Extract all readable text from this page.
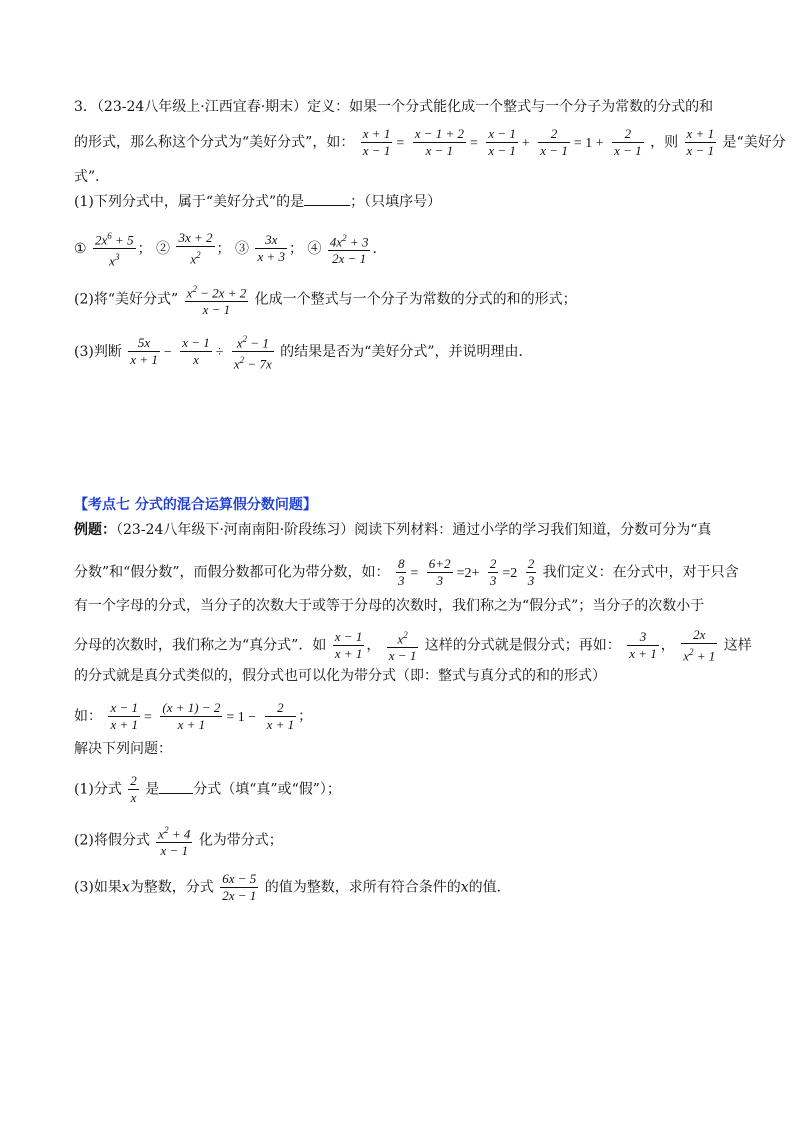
3．（23-24八年级上·江西宜春·期末）定义：如果一个分式能化成一个整式与一个分子为常数的分式的和
的形式，那么称这个分式为“美好分式”，如： $\frac{x + 1}{x - 1} = \frac{x - 1 + 2}{x - 1} = \frac{x - 1}{x - 1} + \frac{2}{x - 1} = 1 + \frac{2}{x - 1}$ ，则 $\frac{x + 1}{x - 1}$ 是“美好分
式”．
(1)下列分式中，属于“美好分式”的是	；（只填序号）
① $\frac{2x^6 + 5}{x^3}$ ； ② $\frac{3x + 2}{x^2}$ ； ③ $\frac{3x}{x + 3}$ ； ④ $\frac{4x^2 + 3}{2x - 1}$ ．
(2)将“美好分式” $\frac{x^2 - 2x + 2}{x - 1}$ 化成一个整式与一个分子为常数的分式的和的形式；
(3)判断 $\frac{5x}{x + 1} - \frac{x - 1}{x} \div \frac{x^2 - 1}{x^2 - 7x}$ 的结果是否为“美好分式”，并说明理由．
【考点七 分式的混合运算假分数问题】
例题：（23-24八年级下·河南南阳·阶段练习）阅读下列材料：通过小学的学习我们知道，分数可分为“真
分数”和“假分数”，而假分数都可化为带分数，如： $\frac{8}{3} = \frac{6+2}{3} =2+ \frac{2}{3} =2 \frac{2}{3}$ 我们定义：在分式中，对于只含
有一个字母的分式，当分子的次数大于或等于分母的次数时，我们称之为“假分式”；当分子的次数小于
分母的次数时，我们称之为“真分式”．如 $\frac{x - 1}{x + 1}$ ， $\frac{x^2}{x - 1}$ 这样的分式就是假分式；再如： $\frac{3}{x + 1}$ ， $\frac{2x}{x^2 + 1}$ 这样
的分式就是真分式类似的，假分式也可以化为带分式（即：整式与真分式的和的形式）
如： $\frac{x - 1}{x + 1} = \frac{(x + 1) - 2}{x + 1} = 1 - \frac{2}{x + 1}$ ；
解决下列问题：
(1)分式 $\frac{2}{x}$ 是 分式（填“真”或“假”）；
(2)将假分式 $\frac{x^2 + 4}{x - 1}$ 化为带分式；
(3)如果x为整数，分式 $\frac{6x - 5}{2x - 1}$ 的值为整数，求所有符合条件的x的值．
